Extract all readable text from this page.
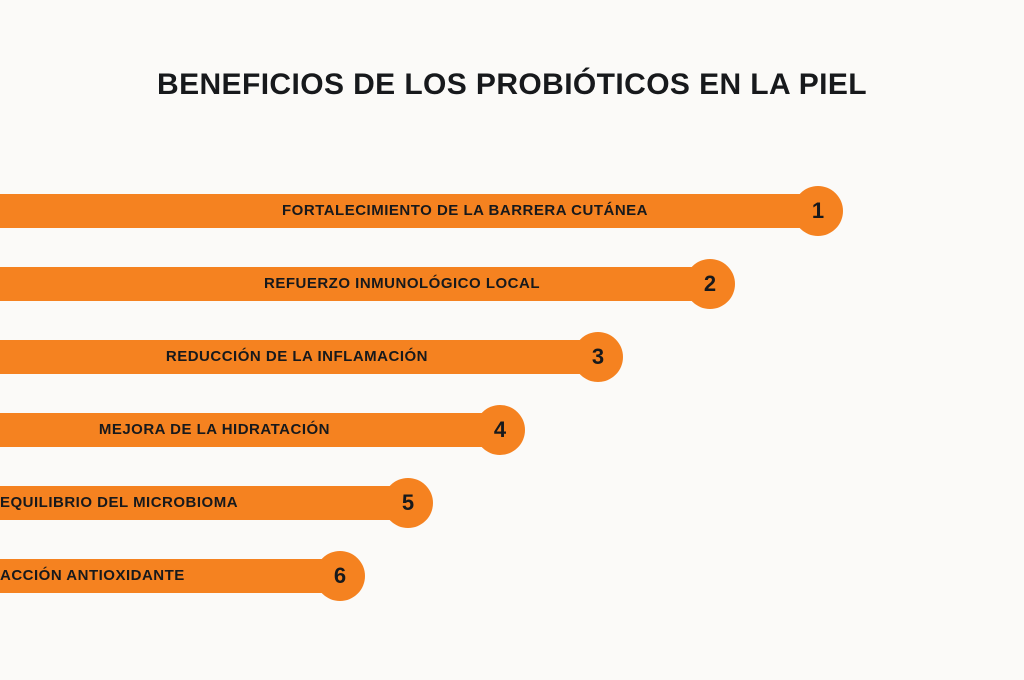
BENEFICIOS DE LOS PROBIÓTICOS EN LA PIEL
1
FORTALECIMIENTO DE LA BARRERA CUTÁNEA
2
REFUERZO INMUNOLÓGICO LOCAL
3
REDUCCIÓN DE LA INFLAMACIÓN
4
MEJORA DE LA HIDRATACIÓN
5
EQUILIBRIO DEL MICROBIOMA
6
ACCIÓN ANTIOXIDANTE
